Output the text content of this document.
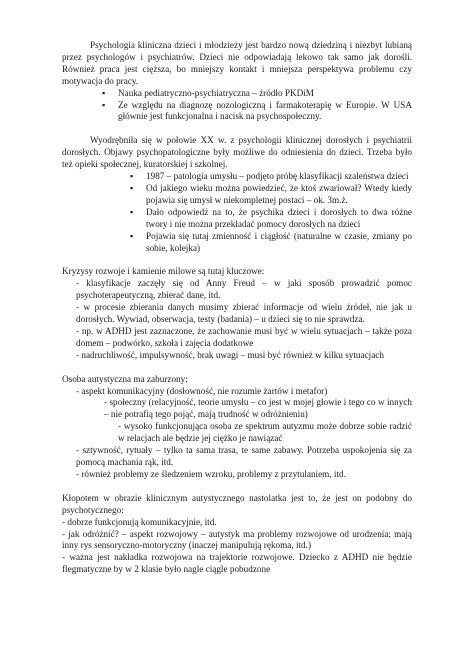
Psychologia kliniczna dzieci i młodzieży jest bardzo nową dziedziną i niezbyt lubianą przez psychologów i psychiatrów. Dzieci nie odpowiadają lekowo tak samo jak dorośli. Również praca jest cięższa, bo mniejszy kontakt i mniejsza perspektywa problemu czy motywacja do pracy.

▪ Nauka pediatryczno-psychiatryczna – źródło PKDiM
▪ Ze względu na diagnozę nozologiczną i farmakoterapię w Europie. W USA głównie jest funkcjonalna i nacisk na psychospołeczny.

Wyodrębniła się w połowie XX w. z psychologii klinicznej dorosłych i psychiatrii dorosłych. Objawy psychopatologiczne były możliwe do odniesienia do dzieci. Trzeba było też opieki społecznej, kuratorskiej i szkolnej.

▪ 1987 – patologia umysłu – podjęto próbę klasyfikacji szaleństwa dzieci
▪ Od jakiego wieku można powiedzieć, że ktoś zwariował? Wtedy kiedy pojawia się umysł w niekompletnej postaci – ok. 3m.ż.
▪ Dało odpowiedź na to, że psychika dzieci i dorosłych to dwa różne twory i nie można przekładać pomocy dorosłych na dzieci
▪ Pojawia się tutaj zmienność i ciągłość (naturalne w czasie, zmiany po sobie, kolejka)

Kryzysy rozwoje i kamienie milowe są tutaj kluczowe:

- klasyfikacje zaczęły się od Anny Freud – w jaki sposób prowadzić pomoc psychoterapeutyczną, zbierać dane, itd.

- w procesie zbierania danych musimy zbierać informacje od wielu źródeł, nie jak u dorosłych. Wywiad, obserwacja, testy (badania) – u dzieci się to nie sprawdza.

- np. w ADHD jest zaznaczone, że zachowanie musi być w wielu sytuacjach – także poza domem – podwórko, szkoła i zajęcia dodatkowe

- nadruchliwość, impulsywność, brak uwagi – musi być również w kilku sytuacjach

Osoba autystyczna ma zaburzony:

- aspekt komunikacyjny (dosłowność, nie rozumie żartów i metafor)

- społeczny (relacyjność, teorie umysłu – co jest w mojej głowie i tego co w innych – nie potrafią tego pojąć, mają trudność w odróżnieniu)

- wysoko funkcjonująca osoba ze spektrum autyzmu może dobrze sobie radzić w relacjach ale będzie jej ciężko je nawiązać

- sztywność, rytuały – tylko ta sama trasa, te same zabawy. Potrzeba uspokojenia się za pomocą machania rąk, itd.

- również problemy ze śledzeniem wzroku, problemy z przytulaniem, itd.

Kłopotem w obrazie klinicznym autystycznego nastolatka jest to, że jest on podobny do psychotycznego:

- dobrze funkcjonują komunikacyjnie, itd.

- jak odróżnić? – aspekt rozwojowy – autystyk ma problemy rozwojowe od urodzenia; mają inny rys sensoryczno-motoryczny (inaczej manipulują rękoma, itd.)

- ważna jest nakładka rozwojowa na trajektorie rozwojowe. Dziecko z ADHD nie będzie flegmatyczne by w 2 klasie było nagle ciągle pobudzone
